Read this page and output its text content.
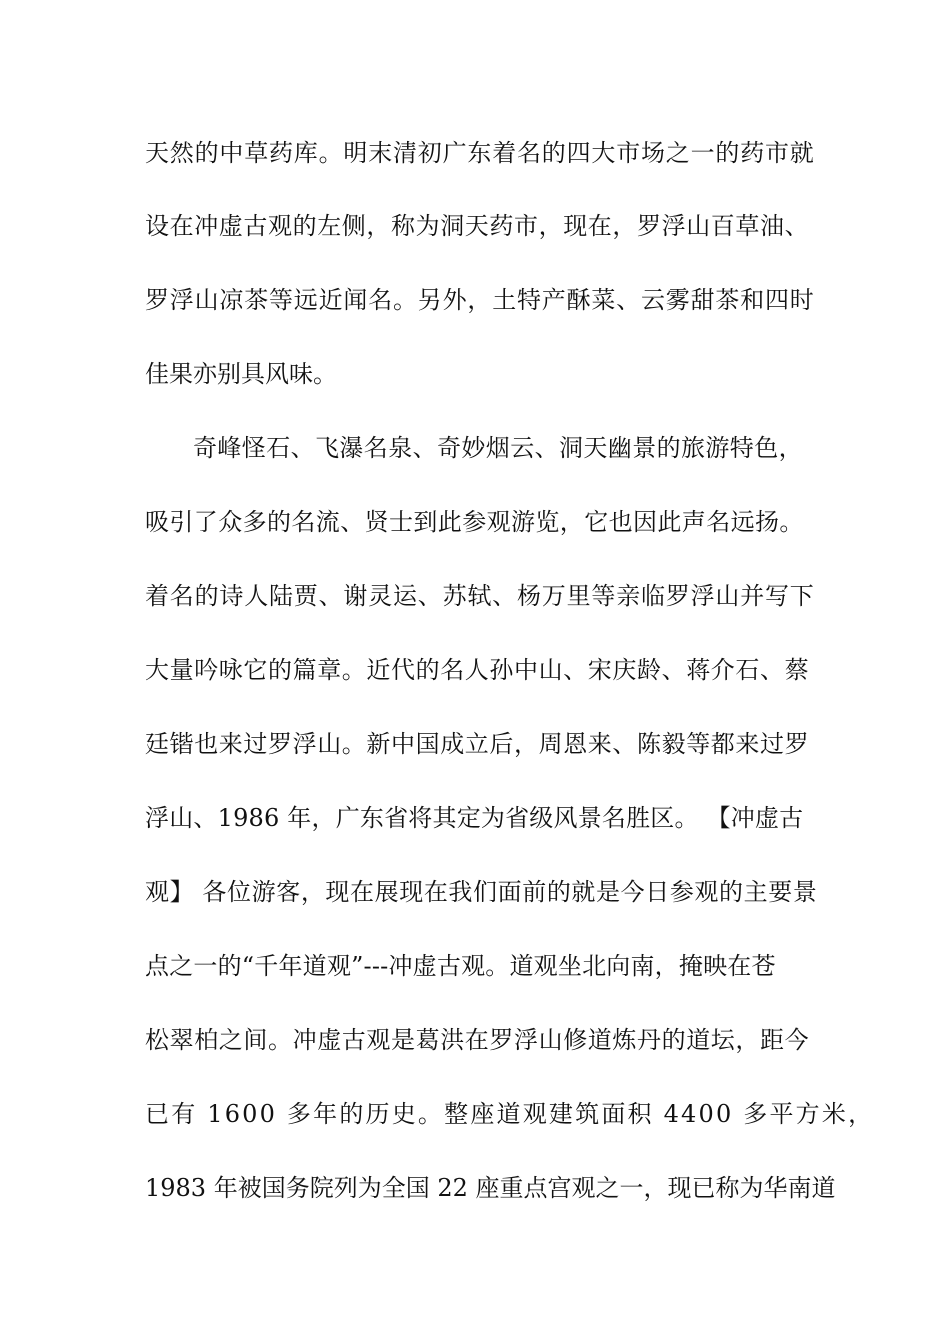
天然的中草药库。明末清初广东着名的四大市场之一的药市就
设在冲虚古观的左侧，称为洞天药市，现在，罗浮山百草油、
罗浮山凉茶等远近闻名。另外，土特产酥菜、云雾甜茶和四时
佳果亦别具风味。
奇峰怪石、飞瀑名泉、奇妙烟云、洞天幽景的旅游特色，
吸引了众多的名流、贤士到此参观游览，它也因此声名远扬。
着名的诗人陆贾、谢灵运、苏轼、杨万里等亲临罗浮山并写下
大量吟咏它的篇章。近代的名人孙中山、宋庆龄、蒋介石、蔡
廷锴也来过罗浮山。新中国成立后，周恩来、陈毅等都来过罗
浮山、1986 年，广东省将其定为省级风景名胜区。 【冲虚古
观】 各位游客，现在展现在我们面前的就是今日参观的主要景
点之一的“千年道观”---冲虚古观。道观坐北向南，掩映在苍
松翠柏之间。冲虚古观是葛洪在罗浮山修道炼丹的道坛，距今
已有 1600 多年的历史。整座道观建筑面积 4400 多平方米，
1983 年被国务院列为全国 22 座重点宫观之一，现已称为华南道
